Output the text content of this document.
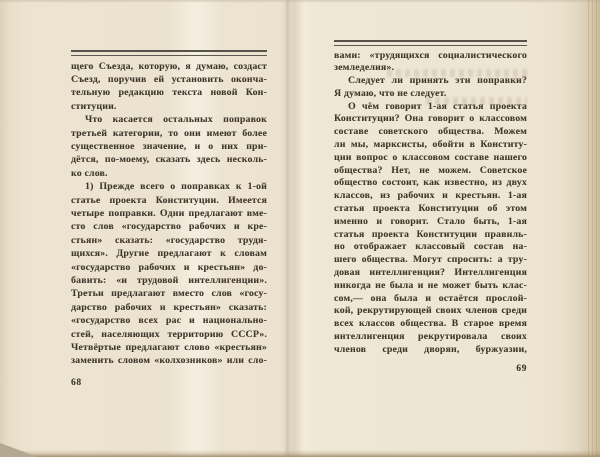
щего Съезда, которую, я думаю, создаст
Съезд, поручив ей установить оконча-
тельную редакцию текста новой Кон-
ституции.
Что касается остальных поправок
третьей категории, то они имеют более
существенное значение, и о них при-
дётся, по-моему, сказать здесь несколь-
ко слов.
1) Прежде всего о поправках к 1-ой
статье проекта Конституции. Имеется
четыре поправки. Одни предлагают вме-
сто слов «государство рабочих и кре-
стьян» сказать: «государство трудя-
щихся». Другие предлагают к словам
«государство рабочих и крестьян» до-
бавить: «и трудовой интеллигенции».
Третьи предлагают вместо слов «госу-
дарство рабочих и крестьян» сказать:
«государство всех рас и национально-
стей, населяющих территорию СССР».
Четвёртые предлагают слово «крестьян»
заменить словом «колхозников» или сло-
68
вами: «трудящихся социалистического
земледелия».
Следует ли принять эти поправки?
Я думаю, что не следует.
О чём говорит 1-ая статья проекта
Конституции? Она говорит о классовом
составе советского общества. Можем
ли мы, марксисты, обойти в Конститу-
ции вопрос о классовом составе нашего
общества? Нет, не можем. Советское
общество состоит, как известно, из двух
классов, из рабочих и крестьян. 1-ая
статья проекта Конституции об этом
именно и говорит. Стало быть, 1-ая
статья проекта Конституции правиль-
но отображает классовый состав на-
шего общества. Могут спросить: а тру-
довая интеллигенция? Интеллигенция
никогда не была и не может быть клас-
сом,— она была и остаётся прослой-
кой, рекрутирующей своих членов среди
всех классов общества. В старое время
интеллигенция рекрутировала своих
членов среди дворян, буржуазии,
69
